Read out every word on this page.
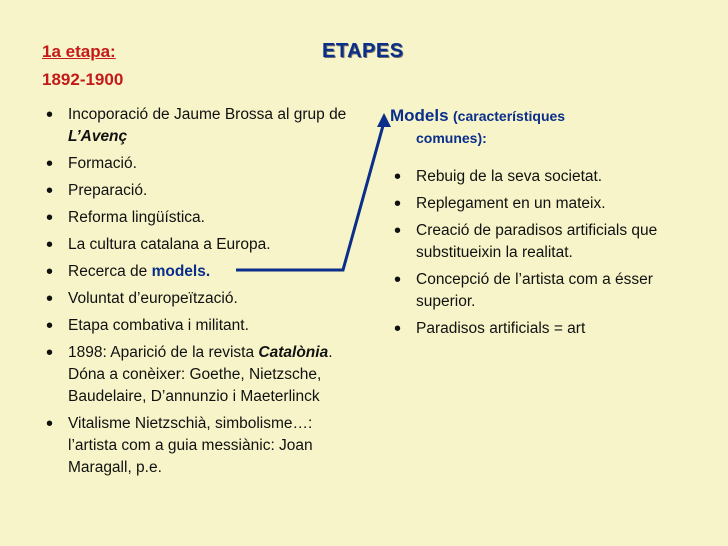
1a etapa:
1892-1900
ETAPES
• Incoporació de Jaume Brossa al grup de L’Avenç
• Formació.
• Preparació.
• Reforma lingüística.
• La cultura catalana a Europa.
• Recerca de models.
• Voluntat d’europeïtzació.
• Etapa combativa i militant.
• 1898: Aparició de la revista Catalònia. Dóna a conèixer: Goethe, Nietzsche, Baudelaire, D’annunzio i Maeterlinck
• Vitalisme Nietzschià, simbolisme…: l’artista com a guia messiànic: Joan Maragall, p.e.
Models (característiques
comunes):
• Rebuig de la seva societat.
• Replegament en un mateix.
• Creació de paradisos artificials que substitueixin la realitat.
• Concepció de l’artista com a ésser superior.
• Paradisos artificials = art
